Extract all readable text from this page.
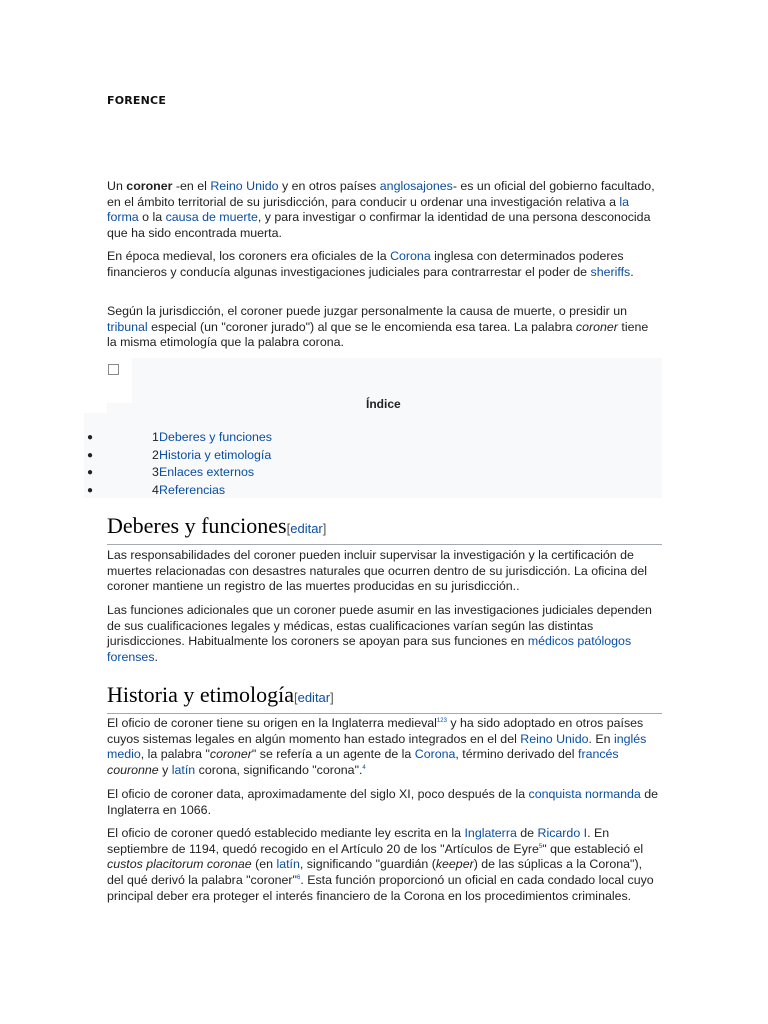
FORENCE

Un coroner -en el Reino Unido y en otros países anglosajones- es un oficial del gobierno facultado, en el ámbito territorial de su jurisdicción, para conducir u ordenar una investigación relativa a la forma o la causa de muerte, y para investigar o confirmar la identidad de una persona desconocida que ha sido encontrada muerta.

En época medieval, los coroners era oficiales de la Corona inglesa con determinados poderes financieros y conducía algunas investigaciones judiciales para contrarrestar el poder de sheriffs.

Según la jurisdicción, el coroner puede juzgar personalmente la causa de muerte, o presidir un tribunal especial (un "coroner jurado") al que se le encomienda esa tarea. La palabra coroner tiene la misma etimología que la palabra corona.

Índice
●	1 Deberes y funciones
●	2 Historia y etimología
●	3 Enlaces externos
●	4 Referencias
Deberes y funciones[editar]

Las responsabilidades del coroner pueden incluir supervisar la investigación y la certificación de muertes relacionadas con desastres naturales que ocurren dentro de su jurisdicción. La oficina del coroner mantiene un registro de las muertes producidas en su jurisdicción..

Las funciones adicionales que un coroner puede asumir en las investigaciones judiciales dependen de sus cualificaciones legales y médicas, estas cualificaciones varían según las distintas jurisdicciones. Habitualmente los coroners se apoyan para sus funciones en médicos patólogos forenses.

Historia y etimología[editar]

El oficio de coroner tiene su origen en la Inglaterra medieval$^{123}$ y ha sido adoptado en otros países cuyos sistemas legales en algún momento han estado integrados en el del Reino Unido. En inglés medio, la palabra "coroner" se refería a un agente de la Corona, término derivado del francés couronne y latín corona, significando "corona".$^4$

El oficio de coroner data, aproximadamente del siglo XI, poco después de la conquista normanda de Inglaterra en 1066.

El oficio de coroner quedó establecido mediante ley escrita en la Inglaterra de Ricardo I. En septiembre de 1194, quedó recogido en el Artículo 20 de los "Artículos de Eyre$^5$" que estableció el custos placitorum coronae (en latín, significando "guardián (keeper) de las súplicas a la Corona"), del qué derivó la palabra "coroner"$^6$. Esta función proporcionó un oficial en cada condado local cuyo principal deber era proteger el interés financiero de la Corona en los procedimientos criminales.
